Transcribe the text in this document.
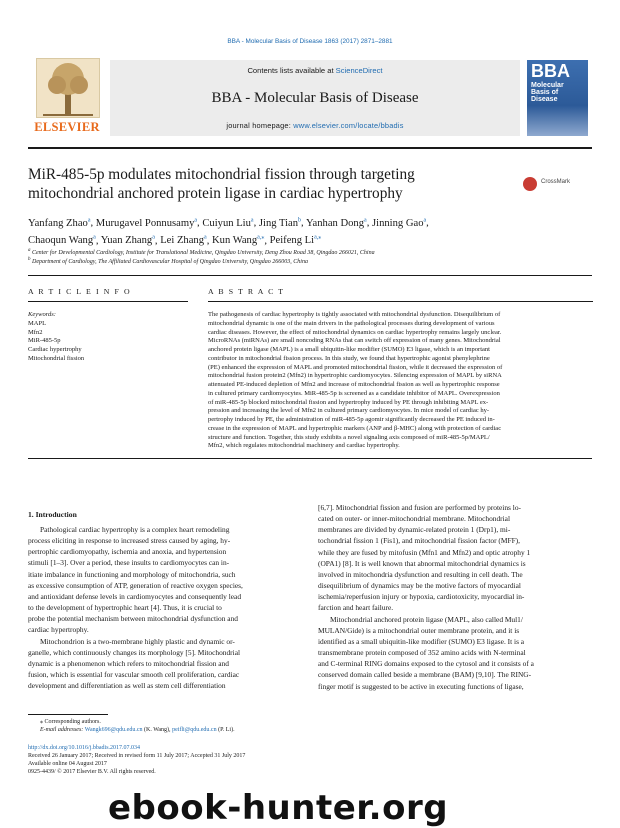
BBA - Molecular Basis of Disease 1863 (2017) 2871–2881
ELSEVIER
Contents lists available at ScienceDirect
BBA - Molecular Basis of Disease
journal homepage: www.elsevier.com/locate/bbadis
BBA
Molecular Basis of Disease
MiR-485-5p modulates mitochondrial fission through targeting mitochondrial anchored protein ligase in cardiac hypertrophy
CrossMark
Yanfang Zhao$^a$, Murugavel Ponnusamy$^a$, Cuiyun Liu$^a$, Jing Tian$^b$, Yanhan Dong$^a$, Jinning Gao$^a$,
Chaoqun Wang$^a$, Yuan Zhang$^a$, Lei Zhang$^a$, Kun Wang$^{a,⁎}$, Peifeng $Li^{a,⁎}$
$^a$ Center for Developmental Cardiology, Institute for Translational Medicine, Qingdao University, Deng Zhou Road 38, Qingdao 266021, China
$^b$ Department of Cardiology, The Affiliated Cardiovascular Hospital of Qingdao University, Qingdao 266003, China
A R T I C L E I N F O	A B S T R A C T
Keywords:
MAPL
Mfn2
MiR-485-5p
Cardiac hypertrophy
Mitochondrial fission
The pathogenesis of cardiac hypertrophy is tightly associated with mitochondrial dysfunction. Disequilibrium of
mitochondrial dynamic is one of the main drivers in the pathological processes during development of various
cardiac diseases. However, the effect of mitochondrial dynamics on cardiac hypertrophy remains largely unclear.
MicroRNAs (miRNAs) are small noncoding RNAs that can switch off expression of many genes. Mitochondrial
anchored protein ligase (MAPL) is a small ubiquitin-like modifier (SUMO) E3 ligase, which is an important
contributor in mitochondrial fission process. In this study, we found that hypertrophic agonist phenylephrine
(PE) enhanced the expression of MAPL and promoted mitochondrial fission, while it decreased the expression of
mitochondrial fusion protein2 (Mfn2) in hypertrophic cardiomyocytes. Silencing expression of MAPL by siRNA
attenuated PE-induced depletion of Mfn2 and increase of mitochondrial fission as well as hypertrophic response
in cultured primary cardiomyocytes. MiR-485-5p is screened as a candidate inhibitor of MAPL. Overexpression
of miR-485-5p blocked mitochondrial fission and hypertrophy induced by PE through inhibiting MAPL ex-
pression and increasing the level of Mfn2 in cultured primary cardiomyocytes. In mice model of cardiac hy-
pertrophy induced by PE, the administration of miR-485-5p agomir significantly decreased the PE induced in-
crease in the expression of MAPL and hypertrophic markers (ANP and β-MHC) along with protection of cardiac
structure and function. Together, this study exhibits a novel signaling axis composed of miR-485-5p/MAPL/
Mfn2, which regulates mitochondrial machinery and cardiac hypertrophy.
1. Introduction
Pathological cardiac hypertrophy is a complex heart remodeling
process eliciting in response to increased stress caused by aging, hy-
pertrophic cardiomyopathy, ischemia and anoxia, and hypertension
stimuli [1–3]. Over a period, these insults to cardiomyocytes can in-
itiate imbalance in functioning and morphology of mitochondria, such
as excessive consumption of ATP, generation of reactive oxygen species,
and antioxidant defense levels in cardiomyocytes and consequently lead
to the development of hypertrophic heart [4]. Thus, it is crucial to
probe the potential mechanism between mitochondrial dysfunction and
cardiac hypertrophy.
Mitochondrion is a two-membrane highly plastic and dynamic or-
ganelle, which continuously changes its morphology [5]. Mitochondrial
dynamic is a phenomenon which refers to mitochondrial fission and
fusion, which is essential for vascular smooth cell proliferation, cardiac
development and differentiation as well as stem cell differentiation
[6,7]. Mitochondrial fission and fusion are performed by proteins lo-
cated on outer- or inner-mitochondrial membrane. Mitochondrial
membranes are divided by dynamic-related protein 1 (Drp1), mi-
tochondrial fission 1 (Fis1), and mitochondrial fission factor (MFF),
while they are fused by mitofusin (Mfn1 and Mfn2) and optic atrophy 1
(OPA1) [8]. It is well known that abnormal mitochondrial dynamics is
involved in mitochondria dysfunction and resulting in cell death. The
disequilibrium of dynamics may be the motive factors of myocardial
ischemia/reperfusion injury or hypoxia, cardiotoxicity, myocardial in-
farction and heart failure.
Mitochondrial anchored protein ligase (MAPL, also called Mul1/
MULAN/Gide) is a mitochondrial outer membrane protein, and it is
identified as a small ubiquitin-like modifier (SUMO) E3 ligase. It is a
transmembrane protein composed of 352 amino acids with N-terminal
and C-terminal RING domains exposed to the cytosol and it consists of a
conserved domain called beside a membrane (BAM) [9,10]. The RING-
finger motif is suggested to be active in executing functions of ligase,
⁎ Corresponding authors.
E-mail addresses: Wangk696@qdu.edu.cn (K. Wang), peifli@qdu.edu.cn (P. Li).
http://dx.doi.org/10.1016/j.bbadis.2017.07.034
Received 26 January 2017; Received in revised form 11 July 2017; Accepted 31 July 2017
Available online 04 August 2017
0925-4439/ © 2017 Elsevier B.V. All rights reserved.
ebook-hunter.org
